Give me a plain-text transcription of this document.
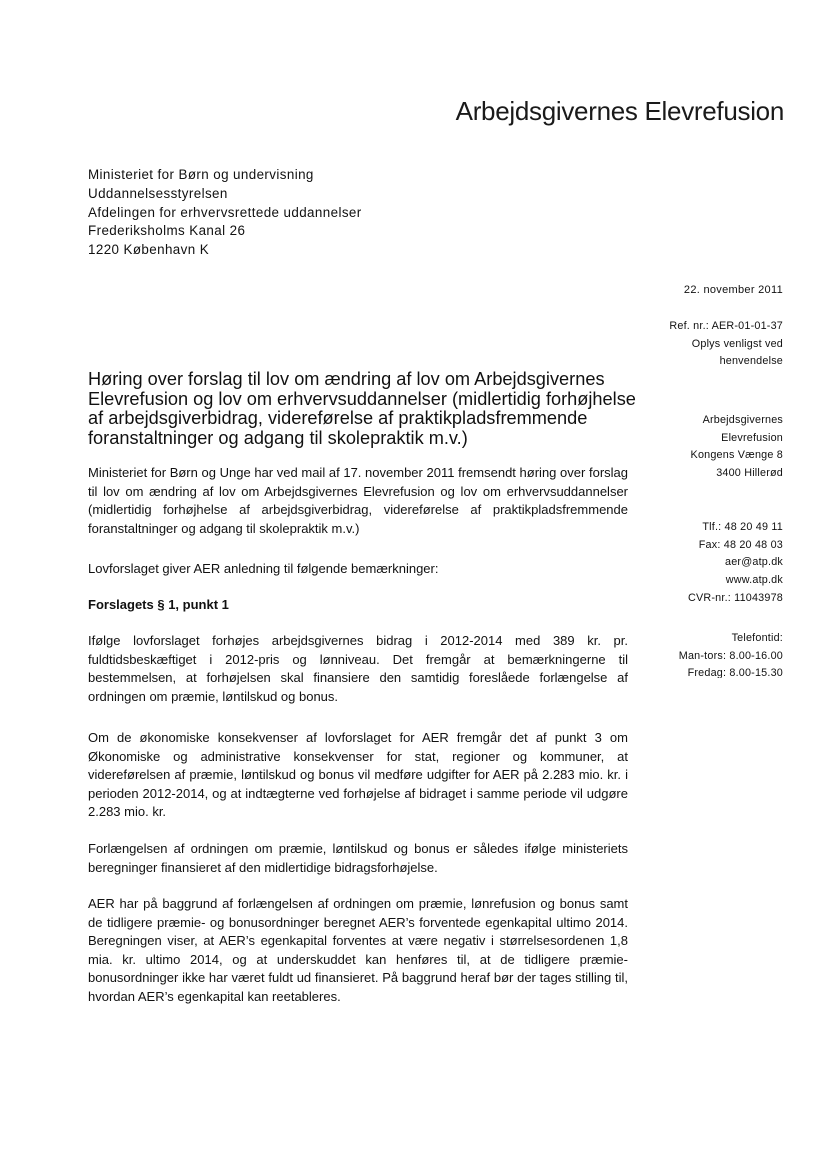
Arbejdsgivernes Elevrefusion
Ministeriet for Børn og undervisning
Uddannelsesstyrelsen
Afdelingen for erhvervsrettede uddannelser
Frederiksholms Kanal 26
1220 København K
22. november 2011
Ref. nr.: AER-01-01-37
Oplys venligst ved
henvendelse
Arbejdsgivernes
Elevrefusion
Kongens Vænge 8
3400 Hillerød
Tlf.: 48 20 49 11
Fax: 48 20 48 03
aer@atp.dk
www.atp.dk
CVR-nr.: 11043978
Telefontid:
Man-tors: 8.00-16.00
Fredag: 8.00-15.30
Høring over forslag til lov om ændring af lov om Arbejdsgivernes Elevrefusion og lov om erhvervsuddannelser (midlertidig forhøjhelse af arbejdsgiverbidrag, videreførelse af praktikpladsfremmende foranstaltninger og adgang til skolepraktik m.v.)

Ministeriet for Børn og Unge har ved mail af 17. november 2011 fremsendt høring over forslag til lov om ændring af lov om Arbejdsgivernes Elevrefusion og lov om erhvervsuddannelser (midlertidig forhøjhelse af arbejdsgiverbidrag, videreførelse af praktikpladsfremmende foranstaltninger og adgang til skolepraktik m.v.)

Lovforslaget giver AER anledning til følgende bemærkninger:

Forslagets § 1, punkt 1

Ifølge lovforslaget forhøjes arbejdsgivernes bidrag i 2012-2014 med 389 kr. pr. fuldtidsbeskæftiget i 2012-pris og lønniveau. Det fremgår at bemærkningerne til bestemmelsen, at forhøjelsen skal finansiere den samtidig foreslåede forlængelse af ordningen om præmie, løntilskud og bonus.

Om de økonomiske konsekvenser af lovforslaget for AER fremgår det af punkt 3 om Økonomiske og administrative konsekvenser for stat, regioner og kommuner, at videreførelsen af præmie, løntilskud og bonus vil medføre udgifter for AER på 2.283 mio. kr. i perioden 2012-2014, og at indtægterne ved forhøjelse af bidraget i samme periode vil udgøre 2.283 mio. kr.

Forlængelsen af ordningen om præmie, løntilskud og bonus er således ifølge ministeriets beregninger finansieret af den midlertidige bidragsforhøjelse.

AER har på baggrund af forlængelsen af ordningen om præmie, lønrefusion og bonus samt de tidligere præmie- og bonusordninger beregnet AER’s forventede egenkapital ultimo 2014. Beregningen viser, at AER’s egenkapital forventes at være negativ i størrelsesordenen 1,8 mia. kr. ultimo 2014, og at underskuddet kan henføres til, at de tidligere præmie-bonusordninger ikke har været fuldt ud finansieret. På baggrund heraf bør der tages stilling til, hvordan AER’s egenkapital kan reetableres.
